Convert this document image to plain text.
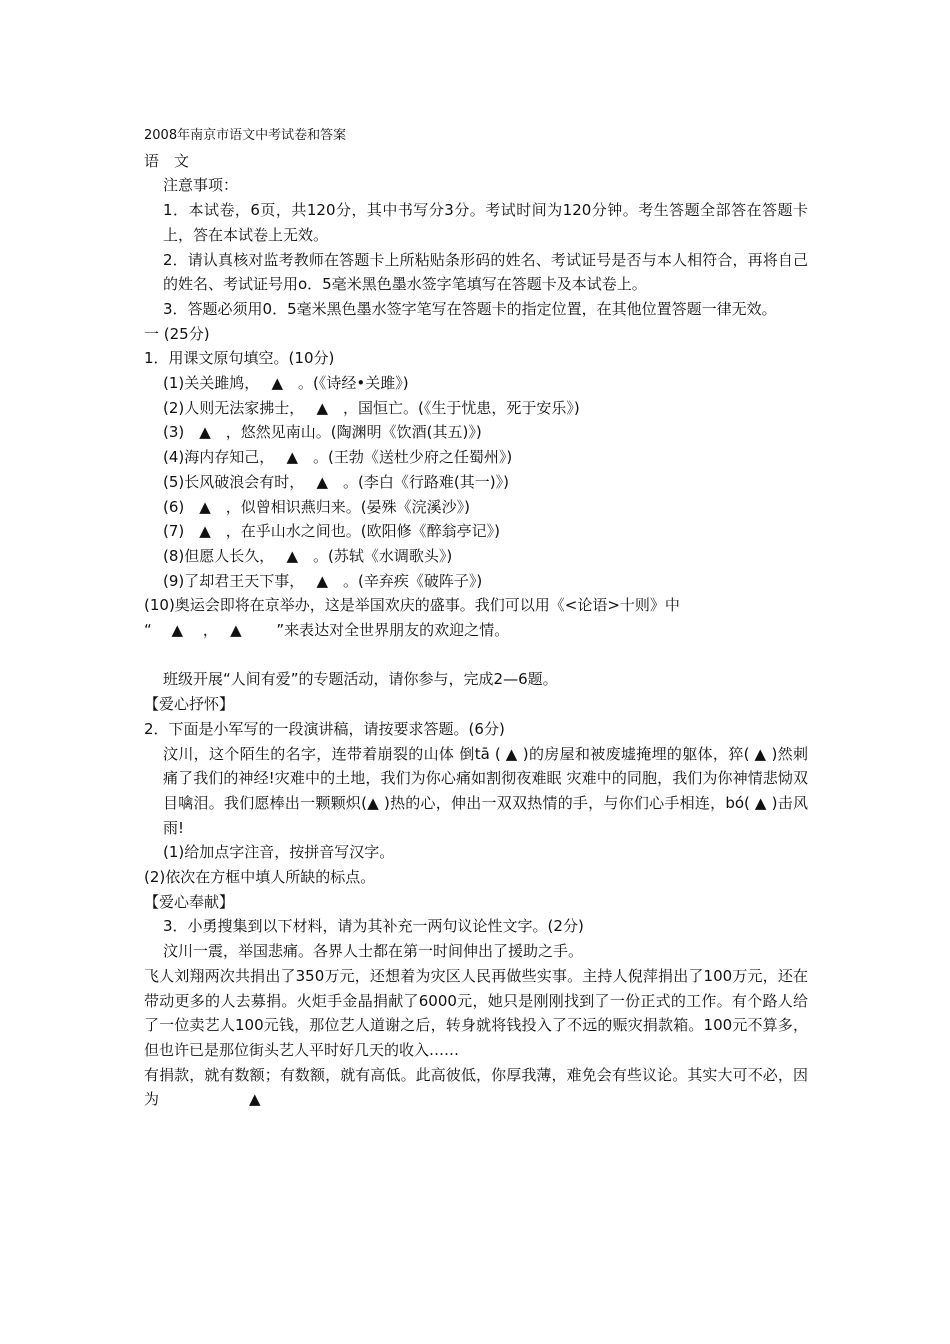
2008年南京市语文中考试卷和答案
语　文
注意事项：
1．本试卷，6页，共120分，其中书写分3分。考试时间为120分钟。考生答题全部答在答题卡上，答在本试卷上无效。
2．请认真核对监考教师在答题卡上所粘贴条形码的姓名、考试证号是否与本人相符合，再将自己的姓名、考试证号用o．5毫米黑色墨水签字笔填写在答题卡及本试卷上。
3．答题必须用0．5毫米黑色墨水签字笔写在答题卡的指定位置，在其他位置答题一律无效。
一 (25分)
1．用课文原句填空。(10分)
(1)关关雎鸠，　 ▲　。(《诗经•关雎》)
(2)人则无法家拂士，　 ▲　，国恒亡。(《生于忧患，死于安乐》)
(3)　▲　，悠然见南山。(陶渊明《饮酒(其五)》)
(4)海内存知己，　 ▲　。(王勃《送杜少府之任蜀州》)
(5)长风破浪会有时，　 ▲　。(李白《行路难(其一)》)
(6)　▲　，似曾相识燕归来。(晏殊《浣溪沙》)
(7)　▲　，在乎山水之间也。(欧阳修《醉翁亭记》)
(8)但愿人长久，　 ▲　。(苏轼《水调歌头》)
(9)了却君王天下事，　 ▲　。(辛弃疾《破阵子》)
(10)奥运会即将在京举办，这是举国欢庆的盛事。我们可以用《<论语>十则》中
“　 ▲　 ，　 ▲　　 ”来表达对全世界朋友的欢迎之情。
班级开展“人间有爱”的专题活动，请你参与，完成2—6题。
【爱心抒怀】
2．下面是小军写的一段演讲稿，请按要求答题。(6分)
汶川，这个陌生的名字，连带着崩裂的山体 倒tā ( ▲ )的房屋和被废墟掩埋的躯体，猝( ▲ )然刺痛了我们的神经!灾难中的土地，我们为你心痛如割彻夜难眠 灾难中的同胞，我们为你神情悲恸双目噙泪。我们愿棒出一颗颗炽(▲ )热的心，伸出一双双热情的手，与你们心手相连，bó( ▲ )击风雨!
(1)给加点字注音，按拼音写汉字。
(2)依次在方框中填人所缺的标点。
【爱心奉献】
3．小勇搜集到以下材料，请为其补充一两句议论性文字。(2分)
汶川一震，举国悲痛。各界人士都在第一时间伸出了援助之手。
飞人刘翔两次共捐出了350万元，还想着为灾区人民再做些实事。主持人倪萍捐出了100万元，还在带动更多的人去募捐。火炬手金晶捐献了6000元，她只是刚刚找到了一份正式的工作。有个路人给了一位卖艺人100元钱，那位艺人道谢之后，转身就将钱投入了不远的赈灾捐款箱。100元不算多，但也许已是那位街头艺人平时好几天的收入……
有捐款，就有数额；有数额，就有高低。此高彼低，你厚我薄，难免会有些议论。其实大可不必，因为　　　　　　▲
